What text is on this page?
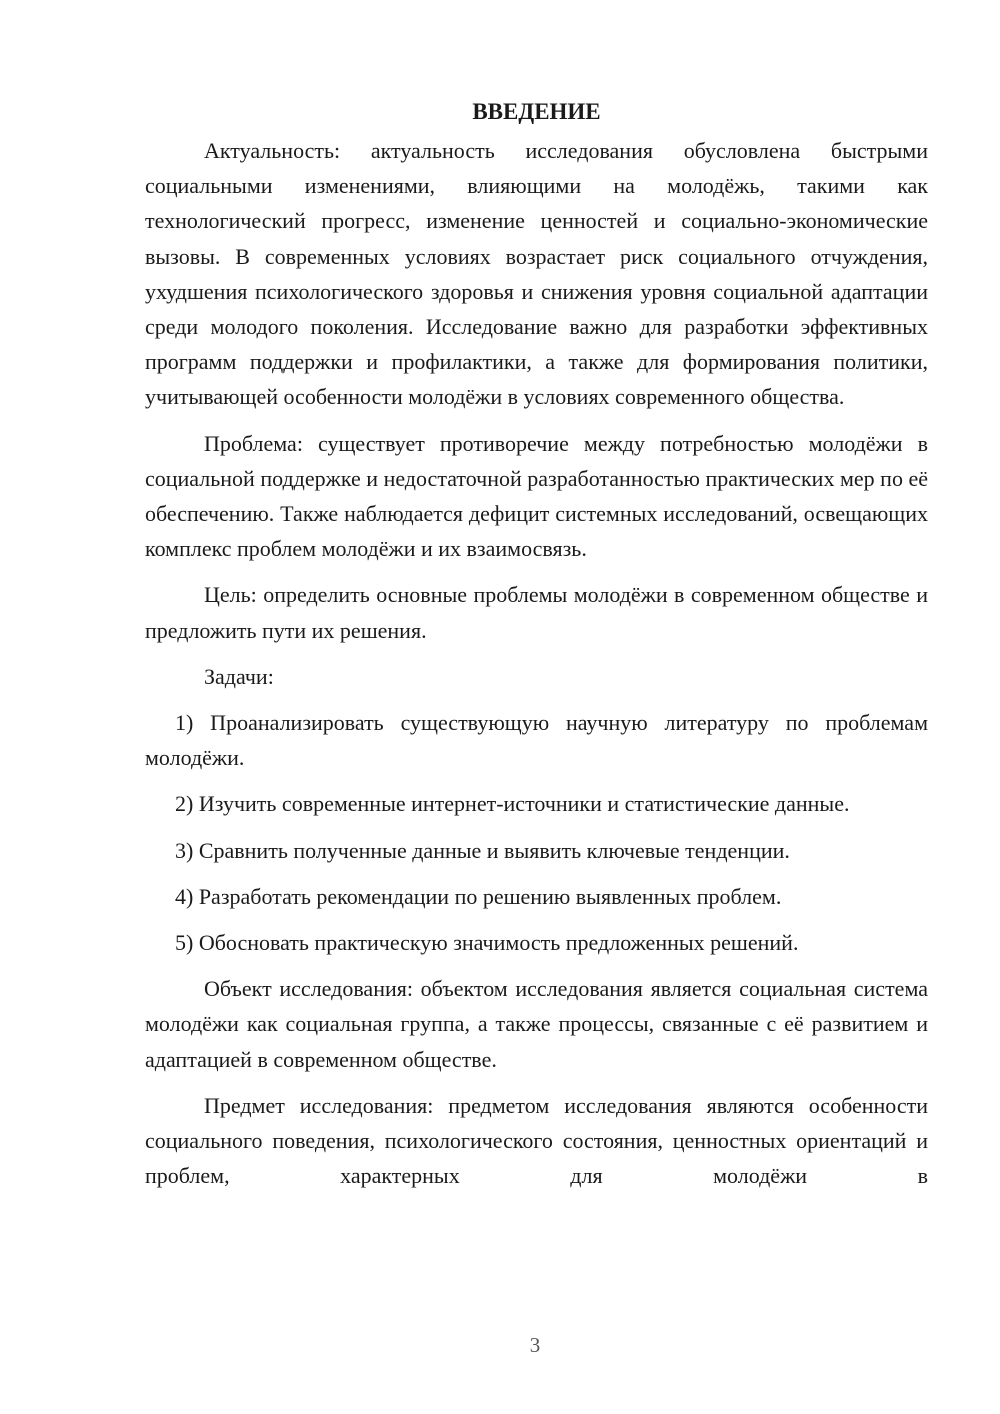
ВВЕДЕНИЕ

Актуальность: актуальность исследования обусловлена быстрыми социальными изменениями, влияющими на молодёжь, такими как технологический прогресс, изменение ценностей и социально-экономические вызовы. В современных условиях возрастает риск социального отчуждения, ухудшения психологического здоровья и снижения уровня социальной адаптации среди молодого поколения. Исследование важно для разработки эффективных программ поддержки и профилактики, а также для формирования политики, учитывающей особенности молодёжи в условиях современного общества.

Проблема: существует противоречие между потребностью молодёжи в социальной поддержке и недостаточной разработанностью практических мер по её обеспечению. Также наблюдается дефицит системных исследований, освещающих комплекс проблем молодёжи и их взаимосвязь.

Цель: определить основные проблемы молодёжи в современном обществе и предложить пути их решения.

Задачи:

1) Проанализировать существующую научную литературу по проблемам молодёжи.

2) Изучить современные интернет-источники и статистические данные.

3) Сравнить полученные данные и выявить ключевые тенденции.

4) Разработать рекомендации по решению выявленных проблем.

5) Обосновать практическую значимость предложенных решений.

Объект исследования: объектом исследования является социальная система молодёжи как социальная группа, а также процессы, связанные с её развитием и адаптацией в современном обществе.

Предмет исследования: предметом исследования являются особенности социального поведения, психологического состояния, ценностных ориентаций и проблем, характерных для молодёжи в

3
